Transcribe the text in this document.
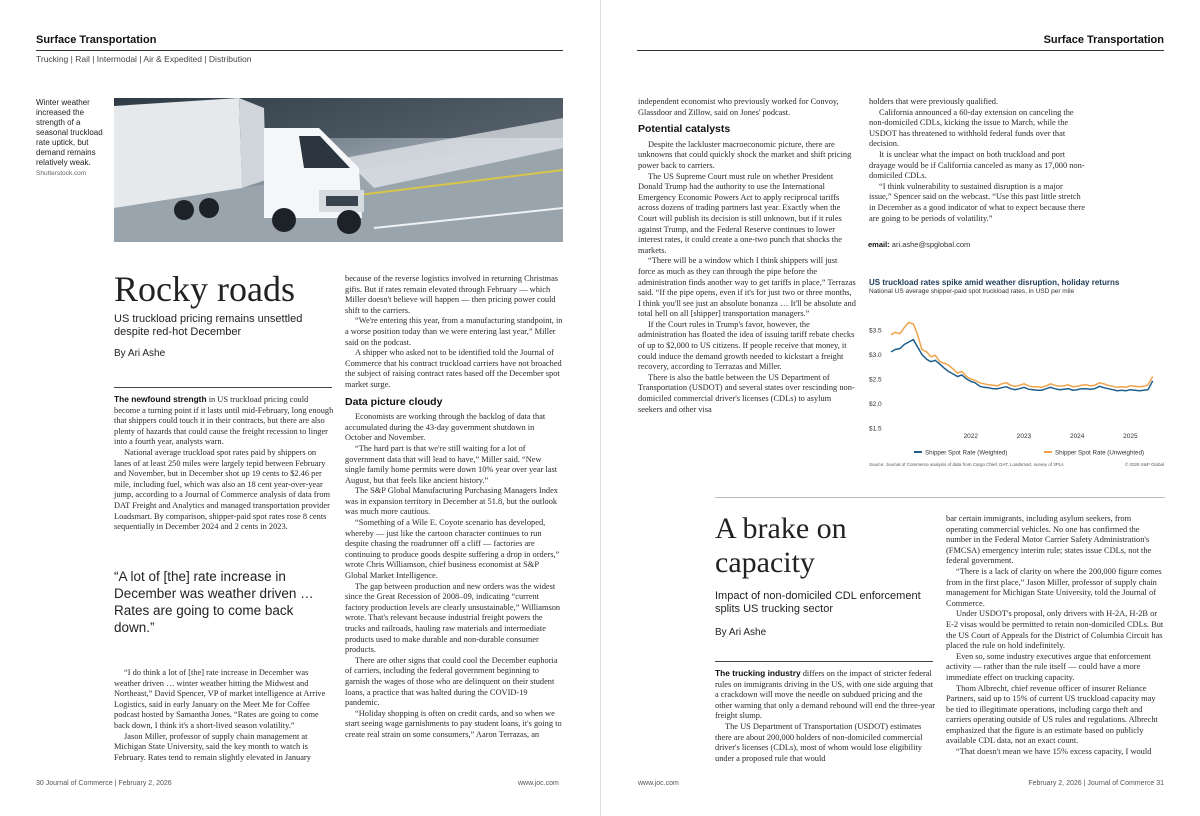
Surface Transportation
Trucking | Rail | Intermodal | Air & Expedited | Distribution
Winter weather increased the strength of a seasonal truckload rate uptick, but demand remains relatively weak.
Shutterstock.com
Rocky roads
US truckload pricing remains unsettled despite red-hot December
By Ari Ashe

The newfound strength in US truckload pricing could become a turning point if it lasts until mid-February, long enough that shippers could touch it in their contracts, but there are also plenty of hazards that could cause the freight recession to linger into a fourth year, analysts warn.

National average truckload spot rates paid by shippers on lanes of at least 250 miles were largely tepid between February and November, but in December shot up 19 cents to $2.46 per mile, including fuel, which was also an 18 cent year-over-year jump, according to a Journal of Commerce analysis of data from DAT Freight and Analytics and managed transportation provider Loadsmart. By comparison, shipper-paid spot rates rose 8 cents sequentially in December 2024 and 2 cents in 2023.

“A lot of [the] rate increase in December was weather driven … Rates are going to come back down.”

“I do think a lot of [the] rate increase in December was weather driven … winter weather hitting the Midwest and Northeast,” David Spencer, VP of market intelligence at Arrive Logistics, said in early January on the Meet Me for Coffee podcast hosted by Samantha Jones. “Rates are going to come back down, I think it's a short-lived season volatility.”

Jason Miller, professor of supply chain management at Michigan State University, said the key month to watch is February. Rates tend to remain slightly elevated in January

because of the reverse logistics involved in returning Christmas gifts. But if rates remain elevated through February — which Miller doesn't believe will happen — then pricing power could shift to the carriers.

“We're entering this year, from a manufacturing standpoint, in a worse position today than we were entering last year,” Miller said on the podcast.

A shipper who asked not to be identified told the Journal of Commerce that his contract truckload carriers have not broached the subject of raising contract rates based off the December spot market surge.

Data picture cloudy

Economists are working through the backlog of data that accumulated during the 43-day government shutdown in October and November.

“The hard part is that we're still waiting for a lot of government data that will lead to have,” Miller said. “New single family home permits were down 10% year over year last August, but that feels like ancient history.”

The S&P Global Manufacturing Purchasing Managers Index was in expansion territory in December at 51.8, but the outlook was much more cautious.

“Something of a Wile E. Coyote scenario has developed, whereby — just like the cartoon character continues to run despite chasing the roadrunner off a cliff — factories are continuing to produce goods despite suffering a drop in orders,” wrote Chris Williamson, chief business economist at S&P Global Market Intelligence.

The gap between production and new orders was the widest since the Great Recession of 2008–09, indicating “current factory production levels are clearly unsustainable,” Williamson wrote. That's relevant because industrial freight powers the trucks and railroads, hauling raw materials and intermediate products used to make durable and non-durable consumer products.

There are other signs that could cool the December euphoria of carriers, including the federal government beginning to garnish the wages of those who are delinquent on their student loans, a practice that was halted during the COVID-19 pandemic.

“Holiday shopping is often on credit cards, and so when we start seeing wage garnishments to pay student loans, it's going to create real strain on some consumers,” Aaron Terrazas, an

30 Journal of Commerce | February 2, 2026	www.joc.com
Surface Transportation

independent economist who previously worked for Convoy, Glassdoor and Zillow, said on Jones' podcast.

Potential catalysts

Despite the lackluster macroeconomic picture, there are unknowns that could quickly shock the market and shift pricing power back to carriers.

The US Supreme Court must rule on whether President Donald Trump had the authority to use the International Emergency Economic Powers Act to apply reciprocal tariffs across dozens of trading partners last year. Exactly when the Court will publish its decision is still unknown, but if it rules against Trump, and the Federal Reserve continues to lower interest rates, it could create a one-two punch that shocks the markets.

“There will be a window which I think shippers will just force as much as they can through the pipe before the administration finds another way to get tariffs in place,” Terrazas said. “If the pipe opens, even if it's for just two or three months, I think you'll see just an absolute bonanza … It'll be absolute and total hell on all [shipper] transportation managers.”

If the Court rules in Trump's favor, however, the administration has floated the idea of issuing tariff rebate checks of up to $2,000 to US citizens. If people receive that money, it could induce the demand growth needed to kickstart a freight recovery, according to Terrazas and Miller.

There is also the battle between the US Department of Transportation (USDOT) and several states over rescinding non-domiciled commercial driver's licenses (CDLs) to asylum seekers and other visa

holders that were previously qualified.

California announced a 60-day extension on canceling the non-domiciled CDLs, kicking the issue to March, while the USDOT has threatened to withhold federal funds over that decision.

It is unclear what the impact on both truckload and port drayage would be if California canceled as many as 17,000 non-domiciled CDLs.

“I think vulnerability to sustained disruption is a major issue,” Spencer said on the webcast. “Use this past little stretch in December as a good indicator of what to expect because there are going to be periods of volatility.”

A brake on capacity
Impact of non-domiciled CDL enforcement splits US trucking sector
By Ari Ashe

The trucking industry differs on the impact of stricter federal rules on immigrants driving in the US, with one side arguing that a crackdown will move the needle on subdued pricing and the other warning that only a demand rebound will end the three-year freight slump.

The US Department of Transportation (USDOT) estimates there are about 200,000 holders of non-domiciled commercial driver's licenses (CDLs), most of whom would lose eligibility under a proposed rule that would

bar certain immigrants, including asylum seekers, from operating commercial vehicles. No one has confirmed the number in the Federal Motor Carrier Safety Administration's (FMCSA) emergency interim rule; states issue CDLs, not the federal government.

“There is a lack of clarity on where the 200,000 figure comes from in the first place,” Jason Miller, professor of supply chain management for Michigan State University, told the Journal of Commerce.

Under USDOT's proposal, only drivers with H-2A, H-2B or E-2 visas would be permitted to retain non-domiciled CDLs. But the US Court of Appeals for the District of Columbia Circuit has placed the rule on hold indefinitely.

Even so, some industry executives argue that enforcement activity — rather than the rule itself — could have a more immediate effect on trucking capacity.

Thom Albrecht, chief revenue officer of insurer Reliance Partners, said up to 15% of current US truckload capacity may be tied to illegitimate operations, including cargo theft and carriers operating outside of US rules and regulations. Albrecht emphasized that the figure is an estimate based on publicly available CDL data, not an exact count.

“That doesn't mean we have 15% excess capacity, I would

www.joc.com	February 2, 2026 | Journal of Commerce 31
email: ari.ashe@spglobal.com
US truckload rates spike amid weather disruption, holiday returns
National US average shipper-paid spot truckload rates, in USD per mile
$3.5
$3.0
$2.5
$2.0
$1.5
2022	2023	2024	2025
Shipper Spot Rate (Weighted)	Shipper Spot Rate (Unweighted)
Source: Journal of Commerce analysis of data from Cargo Chief, DAT, Loadsmart, survey of 3PLs	© 2026 S&P Global
